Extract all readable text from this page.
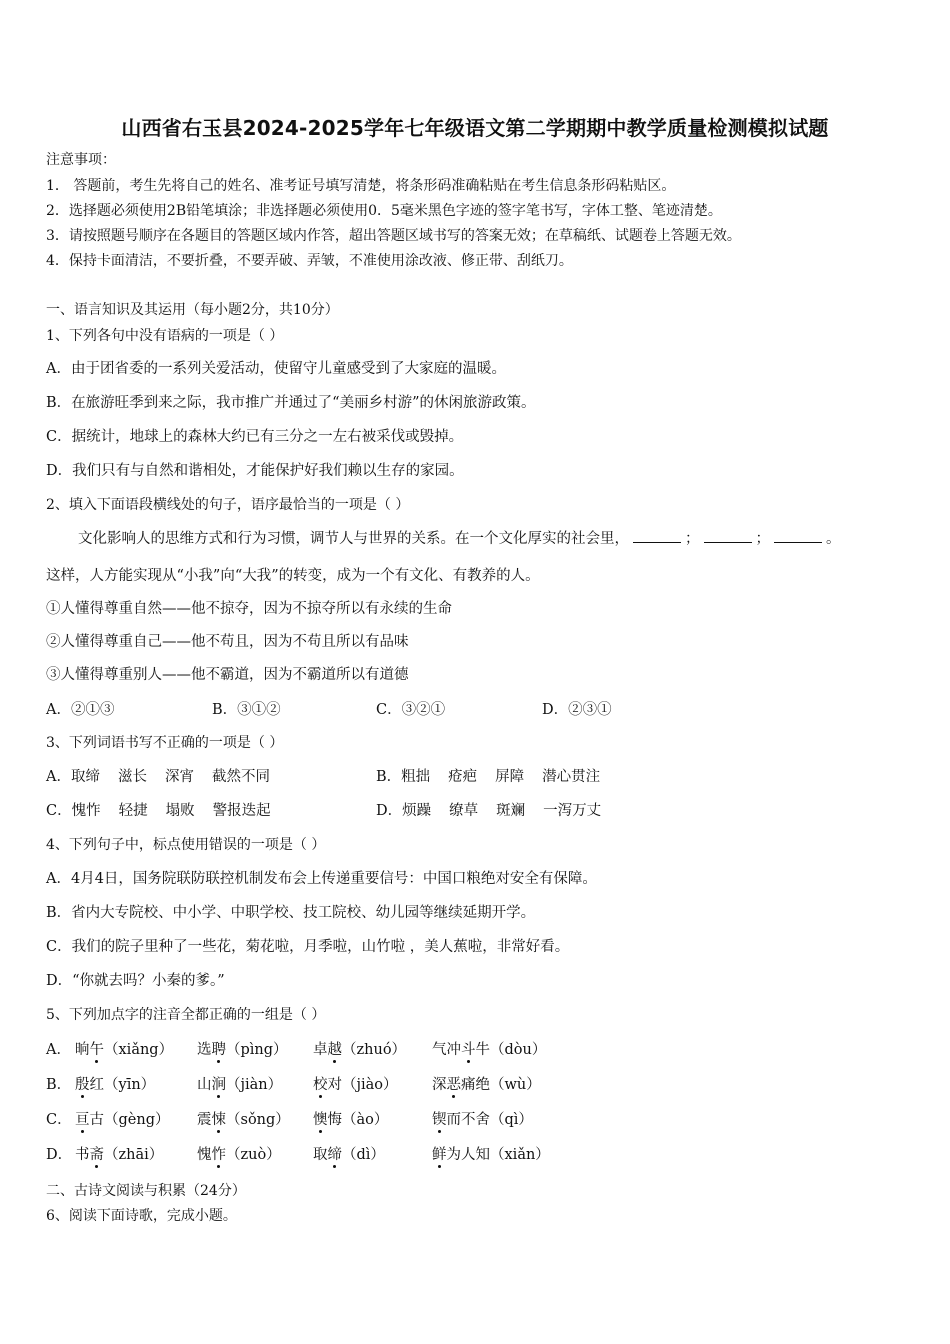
山西省右玉县2024-2025学年七年级语文第二学期期中教学质量检测模拟试题
注意事项：
1． 答题前，考生先将自己的姓名、准考证号填写清楚，将条形码准确粘贴在考生信息条形码粘贴区。
2．选择题必须使用2B铅笔填涂；非选择题必须使用0．5毫米黑色字迹的签字笔书写，字体工整、笔迹清楚。
3．请按照题号顺序在各题目的答题区域内作答，超出答题区域书写的答案无效；在草稿纸、试题卷上答题无效。
4．保持卡面清洁，不要折叠，不要弄破、弄皱，不准使用涂改液、修正带、刮纸刀。
一、语言知识及其运用（每小题2分，共10分）
1、下列各句中没有语病的一项是（ ）
A．由于团省委的一系列关爱活动，使留守儿童感受到了大家庭的温暖。
B．在旅游旺季到来之际，我市推广并通过了“美丽乡村游”的休闲旅游政策。
C．据统计，地球上的森林大约已有三分之一左右被采伐或毁掉。
D．我们只有与自然和谐相处，才能保护好我们赖以生存的家园。
2、填入下面语段横线处的句子，语序最恰当的一项是（ ）
文化影响人的思维方式和行为习惯，调节人与世界的关系。在一个文化厚实的社会里，	；	；	。
这样，人方能实现从“小我”向“大我”的转变，成为一个有文化、有教养的人。
①人懂得尊重自然——他不掠夺，因为不掠夺所以有永续的生命
②人懂得尊重自己——他不苟且，因为不苟且所以有品味
③人懂得尊重别人——他不霸道，因为不霸道所以有道德
A．②①③	B．③①②	C．③②①	D．②③①
3、下列词语书写不正确的一项是（ ）
A．取缔 滋长 深宵 截然不同	B．粗拙 疮疤 屏障 潜心贯注
C．愧怍 轻捷 塌败 警报迭起	D．烦躁 缭草 斑斓 一泻万丈
4、下列句子中，标点使用错误的一项是（ ）
A．4月4日，国务院联防联控机制发布会上传递重要信号：中国口粮绝对安全有保障。
B．省内大专院校、中小学、中职学校、技工院校、幼儿园等继续延期开学。
C．我们的院子里种了一些花，菊花啦，月季啦，山竹啦 ，美人蕉啦，非常好看。
D．“你就去吗？小秦的爹。”
5、下列加点字的注音全都正确的一组是（ ）
A． 晌午（xiǎng） 选聘（pìng） 卓越（zhuó） 气冲斗牛（dòu）
B． 殷红（yīn）	山涧（jiàn） 校对（jiào） 深恶痛绝（wù）
C． 亘古（gèng） 震悚（sǒng） 懊悔（ào）	锲而不舍（qì）
D． 书斋（zhāi） 愧怍（zuò） 取缔（dì）	鲜为人知（xiǎn）
二、古诗文阅读与积累（24分）
6、阅读下面诗歌，完成小题。
